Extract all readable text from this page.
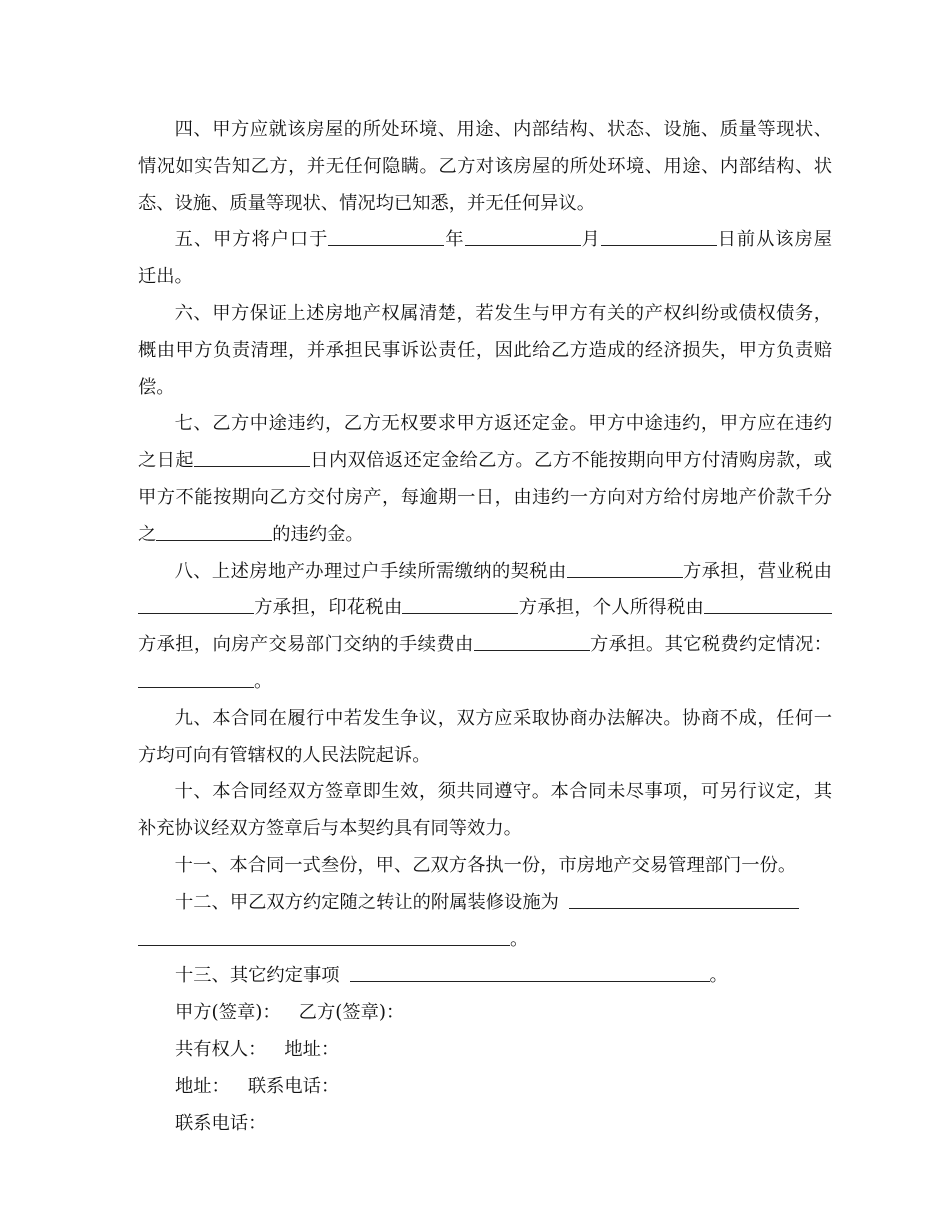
四、甲方应就该房屋的所处环境、用途、内部结构、状态、设施、质量等现状、情况如实告知乙方，并无任何隐瞒。乙方对该房屋的所处环境、用途、内部结构、状态、设施、质量等现状、情况均已知悉，并无任何异议。

五、甲方将户口于	年	月	日前从该房屋迁出。

六、甲方保证上述房地产权属清楚，若发生与甲方有关的产权纠纷或债权债务，概由甲方负责清理，并承担民事诉讼责任，因此给乙方造成的经济损失，甲方负责赔偿。

七、乙方中途违约，乙方无权要求甲方返还定金。甲方中途违约，甲方应在违约之日起	日内双倍返还定金给乙方。乙方不能按期向甲方付清购房款，或甲方不能按期向乙方交付房产，每逾期一日，由违约一方向对方给付房地产价款千分之	的违约金。

八、上述房地产办理过户手续所需缴纳的契税由	方承担，营业税由方承担，印花税由	方承担，个人所得税由方承担，向房产交易部门交纳的手续费由	方承担。其它税费约定情况：。

九、本合同在履行中若发生争议，双方应采取协商办法解决。协商不成，任何一方均可向有管辖权的人民法院起诉。

十、本合同经双方签章即生效，须共同遵守。本合同未尽事项，可另行议定，其补充协议经双方签章后与本契约具有同等效力。

十一、本合同一式叁份，甲、乙双方各执一份，市房地产交易管理部门一份。

十二、甲乙双方约定随之转让的附属装修设施为

。

十三、其它约定事项	。

甲方(签章)： 乙方(签章)：

共有权人： 地址：

地址： 联系电话：

联系电话：
